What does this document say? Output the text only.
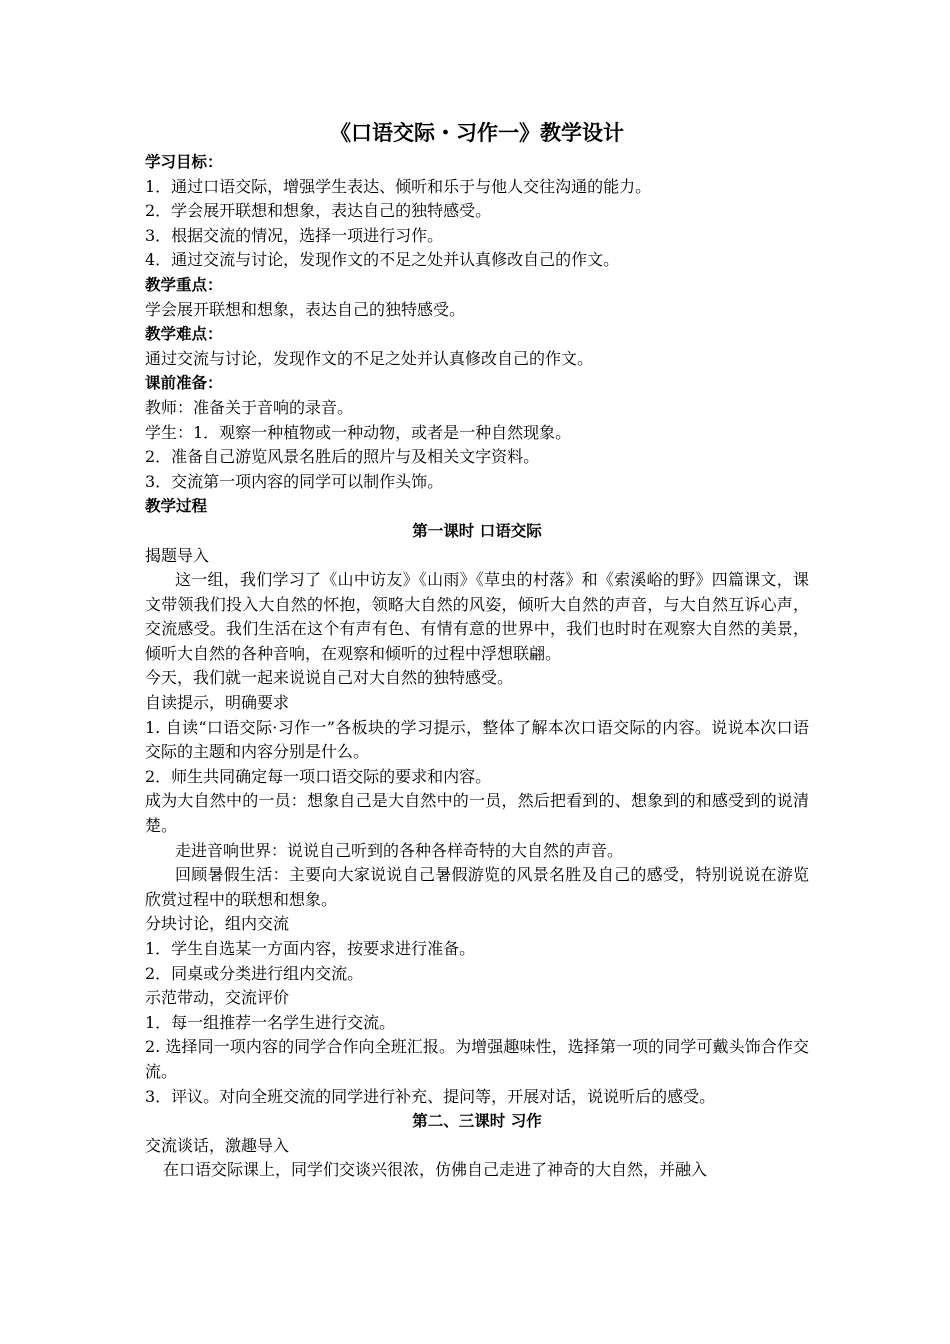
《口语交际・习作一》教学设计
学习目标：
1．通过口语交际，增强学生表达、倾听和乐于与他人交往沟通的能力。
2．学会展开联想和想象，表达自己的独特感受。
3．根据交流的情况，选择一项进行习作。
4．通过交流与讨论，发现作文的不足之处并认真修改自己的作文。
教学重点：
学会展开联想和想象，表达自己的独特感受。
教学难点：
通过交流与讨论，发现作文的不足之处并认真修改自己的作文。
课前准备：
教师：准备关于音响的录音。
学生：1．观察一种植物或一种动物，或者是一种自然现象。
2．准备自己游览风景名胜后的照片与及相关文字资料。
3．交流第一项内容的同学可以制作头饰。
教学过程
第一课时 口语交际
揭题导入
这一组，我们学习了《山中访友》《山雨》《草虫的村落》和《索溪峪的野》四篇课文，课文带领我们投入大自然的怀抱，领略大自然的风姿，倾听大自然的声音，与大自然互诉心声，交流感受。我们生活在这个有声有色、有情有意的世界中，我们也时时在观察大自然的美景，倾听大自然的各种音响，在观察和倾听的过程中浮想联翩。
今天，我们就一起来说说自己对大自然的独特感受。
自读提示，明确要求
1. 自读“口语交际·习作一”各板块的学习提示，整体了解本次口语交际的内容。说说本次口语交际的主题和内容分别是什么。
2．师生共同确定每一项口语交际的要求和内容。
成为大自然中的一员：想象自己是大自然中的一员，然后把看到的、想象到的和感受到的说清楚。
走进音响世界：说说自己听到的各种各样奇特的大自然的声音。
回顾暑假生活：主要向大家说说自己暑假游览的风景名胜及自己的感受，特别说说在游览欣赏过程中的联想和想象。
分块讨论，组内交流
1．学生自选某一方面内容，按要求进行准备。
2．同桌或分类进行组内交流。
示范带动，交流评价
1．每一组推荐一名学生进行交流。
2. 选择同一项内容的同学合作向全班汇报。为增强趣味性，选择第一项的同学可戴头饰合作交流。
3．评议。对向全班交流的同学进行补充、提问等，开展对话，说说听后的感受。
第二、三课时 习作
交流谈话，激趣导入
在口语交际课上，同学们交谈兴很浓，仿佛自己走进了神奇的大自然，并融入
